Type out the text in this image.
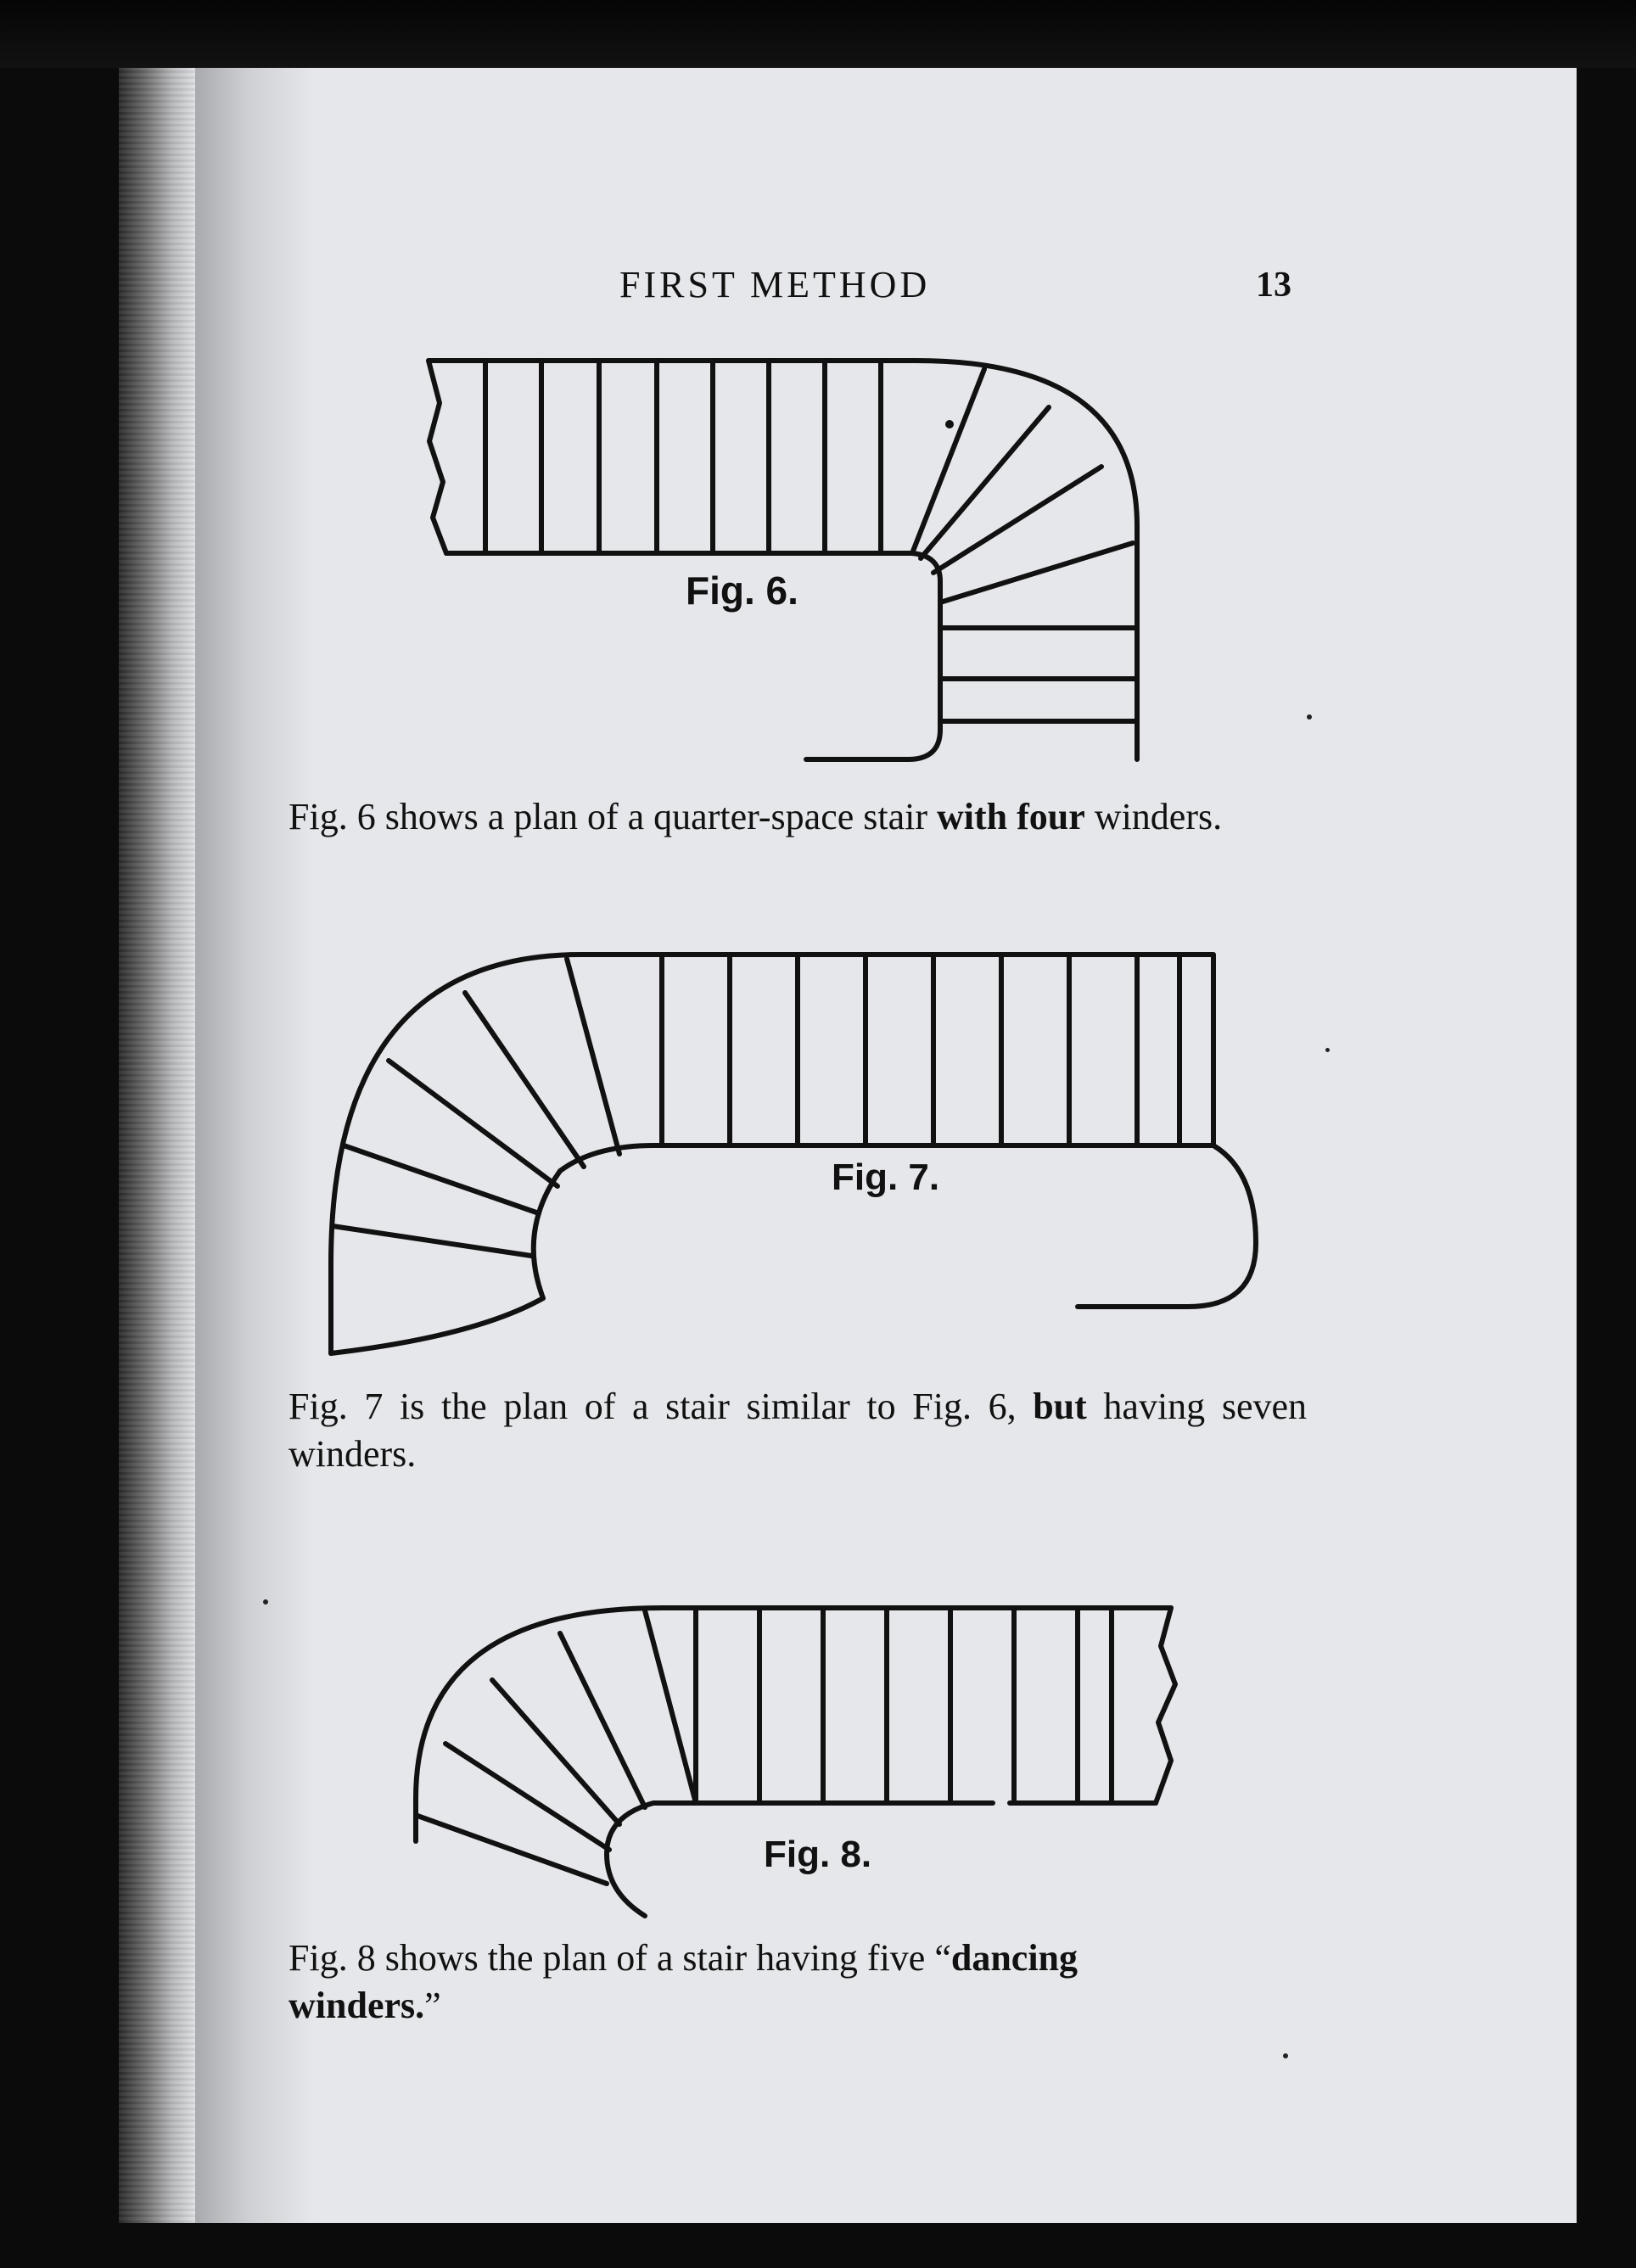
FIRST METHOD	13
Fig. 6.

Fig. 6 shows a plan of a quarter-space stair with four winders.

Fig. 7.

Fig. 7 is the plan of a stair similar to Fig. 6, but having seven winders.

Fig. 8.

Fig. 8 shows the plan of a stair having five “dancing
winders.”
